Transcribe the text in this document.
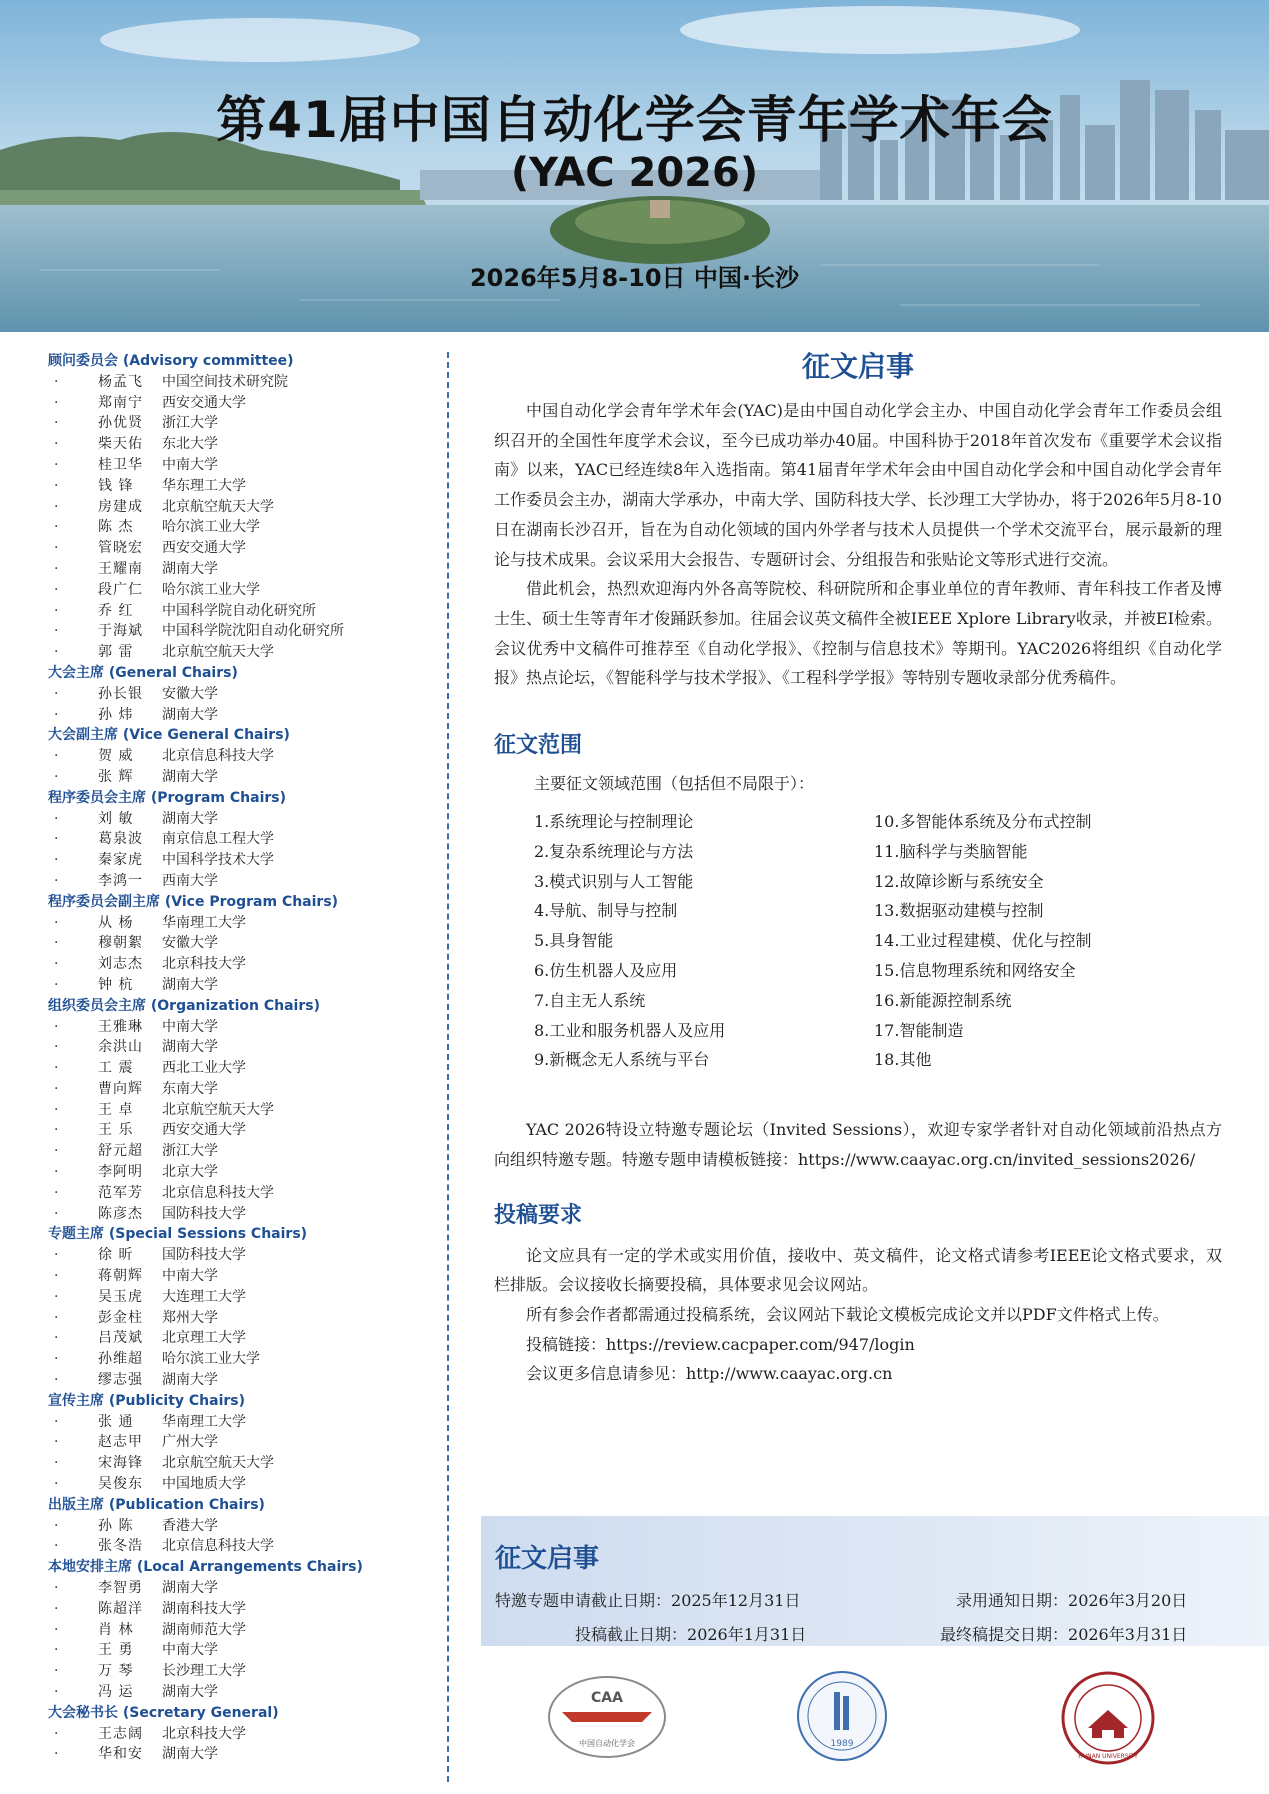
第41届中国自动化学会青年学术年会
(YAC 2026)
2026年5月8-10日 中国·长沙
顾问委员会 (Advisory committee)
·	杨孟飞	中国空间技术研究院
·	郑南宁	西安交通大学
·	孙优贤	浙江大学
·	柴天佑	东北大学
·	桂卫华	中南大学
·	钱 锋	华东理工大学
·	房建成	北京航空航天大学
·	陈 杰	哈尔滨工业大学
·	管晓宏	西安交通大学
·	王耀南	湖南大学
·	段广仁	哈尔滨工业大学
·	乔 红	中国科学院自动化研究所
·	于海斌	中国科学院沈阳自动化研究所
·	郭 雷	北京航空航天大学
大会主席 (General Chairs)
·	孙长银	安徽大学
·	孙 炜	湖南大学
大会副主席 (Vice General Chairs)
·	贺 威	北京信息科技大学
·	张 辉	湖南大学
程序委员会主席 (Program Chairs)
·	刘 敏	湖南大学
·	葛泉波	南京信息工程大学
·	秦家虎	中国科学技术大学
·	李鸿一	西南大学
程序委员会副主席 (Vice Program Chairs)
·	从 杨	华南理工大学
·	穆朝絮	安徽大学
·	刘志杰	北京科技大学
·	钟 杭	湖南大学
组织委员会主席 (Organization Chairs)
·	王雅琳	中南大学
·	余洪山	湖南大学
·	工 震	西北工业大学
·	曹向辉	东南大学
·	王 卓	北京航空航天大学
·	王 乐	西安交通大学
·	舒元超	浙江大学
·	李阿明	北京大学
·	范军芳	北京信息科技大学
·	陈彦杰	国防科技大学
专题主席 (Special Sessions Chairs)
·	徐 昕	国防科技大学
·	蒋朝辉	中南大学
·	吴玉虎	大连理工大学
·	彭金柱	郑州大学
·	吕茂斌	北京理工大学
·	孙维超	哈尔滨工业大学
·	缪志强	湖南大学
宣传主席 (Publicity Chairs)
·	张 通	华南理工大学
·	赵志甲	广州大学
·	宋海锋	北京航空航天大学
·	吴俊东	中国地质大学
出版主席 (Publication Chairs)
·	孙 陈	香港大学
·	张冬浩	北京信息科技大学
本地安排主席 (Local Arrangements Chairs)
·	李智勇	湖南大学
·	陈超洋	湖南科技大学
·	肖 林	湖南师范大学
·	王 勇	中南大学
·	万 琴	长沙理工大学
·	冯 运	湖南大学
大会秘书长 (Secretary General)
·	王志阔	北京科技大学
·	华和安	湖南大学
征文启事

中国自动化学会青年学术年会(YAC)是由中国自动化学会主办、中国自动化学会青年工作委员会组织召开的全国性年度学术会议，至今已成功举办40届。中国科协于2018年首次发布《重要学术会议指南》以来，YAC已经连续8年入选指南。第41届青年学术年会由中国自动化学会和中国自动化学会青年工作委员会主办，湖南大学承办，中南大学、国防科技大学、长沙理工大学协办，将于2026年5月8-10日在湖南长沙召开，旨在为自动化领域的国内外学者与技术人员提供一个学术交流平台，展示最新的理论与技术成果。会议采用大会报告、专题研讨会、分组报告和张贴论文等形式进行交流。

借此机会，热烈欢迎海内外各高等院校、科研院所和企事业单位的青年教师、青年科技工作者及博士生、硕士生等青年才俊踊跃参加。往届会议英文稿件全被IEEE Xplore Library收录，并被EI检索。会议优秀中文稿件可推荐至《自动化学报》、《控制与信息技术》等期刊。YAC2026将组织《自动化学报》热点论坛，《智能科学与技术学报》、《工程科学学报》等特别专题收录部分优秀稿件。

征文范围
主要征文领域范围（包括但不局限于）：
1.系统理论与控制理论
2.复杂系统理论与方法
3.模式识别与人工智能
4.导航、制导与控制
5.具身智能
6.仿生机器人及应用
7.自主无人系统
8.工业和服务机器人及应用
9.新概念无人系统与平台
10.多智能体系统及分布式控制
11.脑科学与类脑智能
12.故障诊断与系统安全
13.数据驱动建模与控制
14.工业过程建模、优化与控制
15.信息物理系统和网络安全
16.新能源控制系统
17.智能制造
18.其他

YAC 2026特设立特邀专题论坛（Invited Sessions），欢迎专家学者针对自动化领域前沿热点方向组织特邀专题。特邀专题申请模板链接：https://www.caayac.org.cn/invited_sessions2026/

投稿要求

论文应具有一定的学术或实用价值，接收中、英文稿件，论文格式请参考IEEE论文格式要求，双栏排版。会议接收长摘要投稿，具体要求见会议网站。

所有参会作者都需通过投稿系统，会议网站下载论文模板完成论文并以PDF文件格式上传。

投稿链接：https://review.cacpaper.com/947/login

会议更多信息请参见：http://www.caayac.org.cn

征文启事
特邀专题申请截止日期：2025年12月31日
投稿截止日期：2026年1月31日
录用通知日期：2026年3月20日
最终稿提交日期：2026年3月31日
CAA
中国自动化学会	1989
HUNAN UNIVERSITY
